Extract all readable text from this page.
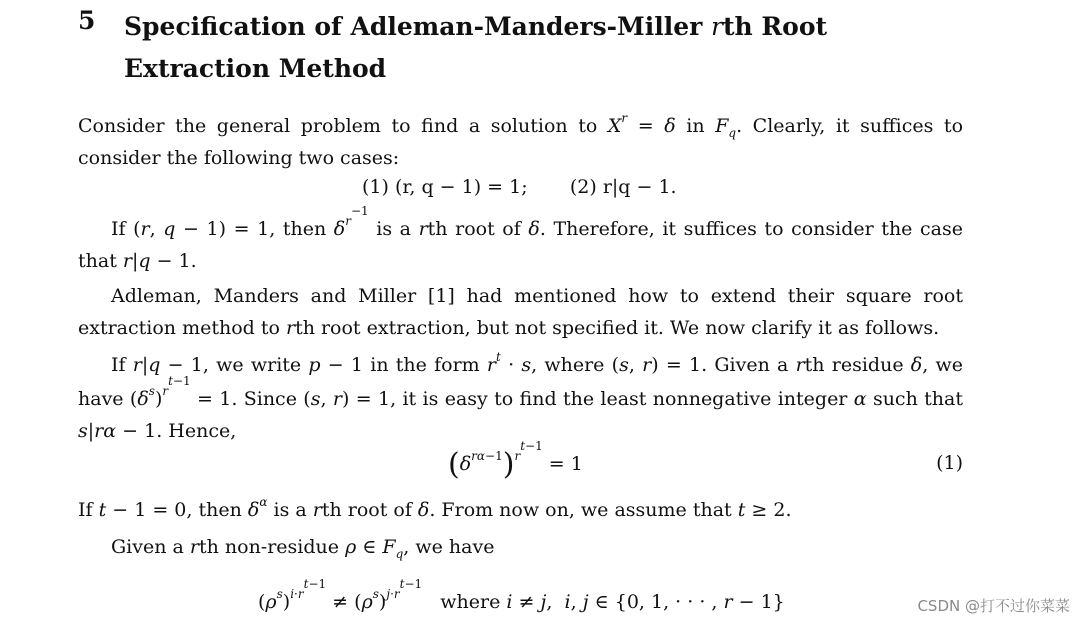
5 Specification of Adleman-Manders-Miller rth Root Extraction Method
Consider the general problem to find a solution to $X^r = \delta$ in $F_q$. Clearly, it suffices to consider the following two cases:
(1) (r, q − 1) = 1; (2) r|q − 1.
If (r, q − 1) = 1, then $\delta^{r^{-1}}$ is a rth root of δ. Therefore, it suffices to consider the case that r|q − 1.
Adleman, Manders and Miller [1] had mentioned how to extend their square root extraction method to rth root extraction, but not specified it. We now clarify it as follows.
If r|q − 1, we write p − 1 in the form $r^t \cdot s$, where (s, r) = 1. Given a rth residue δ, we have $(\delta^s)^{r^{t-1}} = 1$. Since (s, r) = 1, it is easy to find the least nonnegative integer α such that s|rα − 1. Hence,
$(\delta^{r\alpha-1})^{r^{t-1}} = 1$	(1)
If t − 1 = 0, then $\delta^\alpha$ is a rth root of δ. From now on, we assume that t ≥ 2.
Given a rth non-residue ρ ∈ $F_q$, we have
$(\rho^s)^{i\cdot r^{t-1}} \ne (\rho^s)^{j\cdot r^{t-1}}$   where i ≠ j,  i, j ∈ {0, 1, · · · , r − 1}	CSDN @打不过你菜菜
